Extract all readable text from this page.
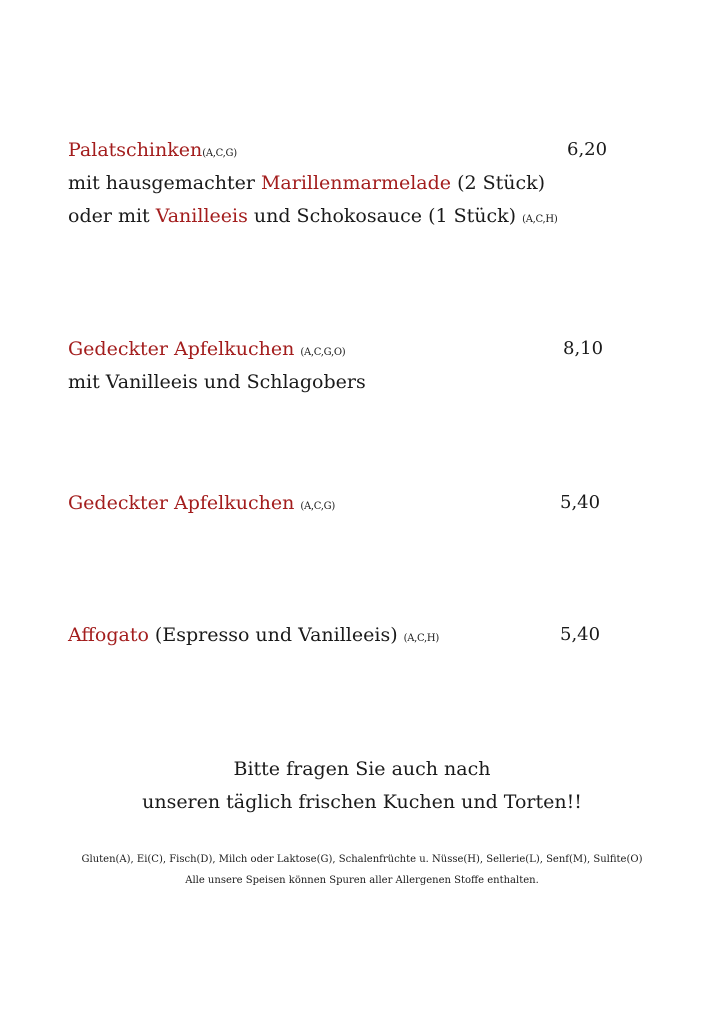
Palatschinken(A,C,G)	6,20
mit hausgemachter Marillenmarmelade (2 Stück)
oder mit Vanilleeis und Schokosauce (1 Stück) (A,C,H)
Gedeckter Apfelkuchen (A,C,G,O)	8,10
mit Vanilleeis und Schlagobers
Gedeckter Apfelkuchen (A,C,G)	5,40
Affogato (Espresso und Vanilleeis) (A,C,H)	5,40
Bitte fragen Sie auch nach
unseren täglich frischen Kuchen und Torten!!
Gluten(A), Ei(C), Fisch(D), Milch oder Laktose(G), Schalenfrüchte u. Nüsse(H), Sellerie(L), Senf(M), Sulfite(O)
Alle unsere Speisen können Spuren aller Allergenen Stoffe enthalten.
